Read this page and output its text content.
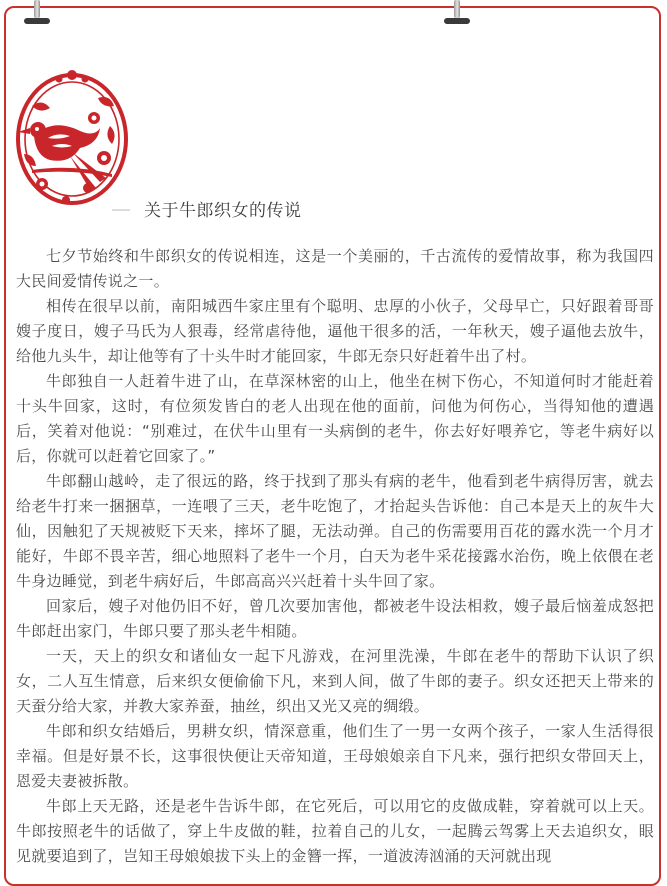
关于牛郎织女的传说

七夕节始终和牛郎织女的传说相连，这是一个美丽的，千古流传的爱情故事，称为我国四大民间爱情传说之一。

相传在很早以前，南阳城西牛家庄里有个聪明、忠厚的小伙子，父母早亡，只好跟着哥哥嫂子度日，嫂子马氏为人狠毒，经常虐待他，逼他干很多的活，一年秋天，嫂子逼他去放牛，给他九头牛，却让他等有了十头牛时才能回家，牛郎无奈只好赶着牛出了村。

牛郎独自一人赶着牛进了山，在草深林密的山上，他坐在树下伤心，不知道何时才能赶着十头牛回家，这时，有位须发皆白的老人出现在他的面前，问他为何伤心，当得知他的遭遇后，笑着对他说：“别难过，在伏牛山里有一头病倒的老牛，你去好好喂养它，等老牛病好以后，你就可以赶着它回家了。”

牛郎翻山越岭，走了很远的路，终于找到了那头有病的老牛，他看到老牛病得厉害，就去给老牛打来一捆捆草，一连喂了三天，老牛吃饱了，才抬起头告诉他：自己本是天上的灰牛大仙，因触犯了天规被贬下天来，摔坏了腿，无法动弹。自己的伤需要用百花的露水洗一个月才能好，牛郎不畏辛苦，细心地照料了老牛一个月，白天为老牛采花接露水治伤，晚上依偎在老牛身边睡觉，到老牛病好后，牛郎高高兴兴赶着十头牛回了家。

回家后，嫂子对他仍旧不好，曾几次要加害他，都被老牛设法相救，嫂子最后恼羞成怒把牛郎赶出家门，牛郎只要了那头老牛相随。

一天，天上的织女和诸仙女一起下凡游戏，在河里洗澡，牛郎在老牛的帮助下认识了织女，二人互生情意，后来织女便偷偷下凡，来到人间，做了牛郎的妻子。织女还把天上带来的天蚕分给大家，并教大家养蚕，抽丝，织出又光又亮的绸缎。

牛郎和织女结婚后，男耕女织，情深意重，他们生了一男一女两个孩子，一家人生活得很幸福。但是好景不长，这事很快便让天帝知道，王母娘娘亲自下凡来，强行把织女带回天上，恩爱夫妻被拆散。

牛郎上天无路，还是老牛告诉牛郎，在它死后，可以用它的皮做成鞋，穿着就可以上天。牛郎按照老牛的话做了，穿上牛皮做的鞋，拉着自己的儿女，一起腾云驾雾上天去追织女，眼见就要追到了，岂知王母娘娘拔下头上的金簪一挥，一道波涛汹涌的天河就出现
